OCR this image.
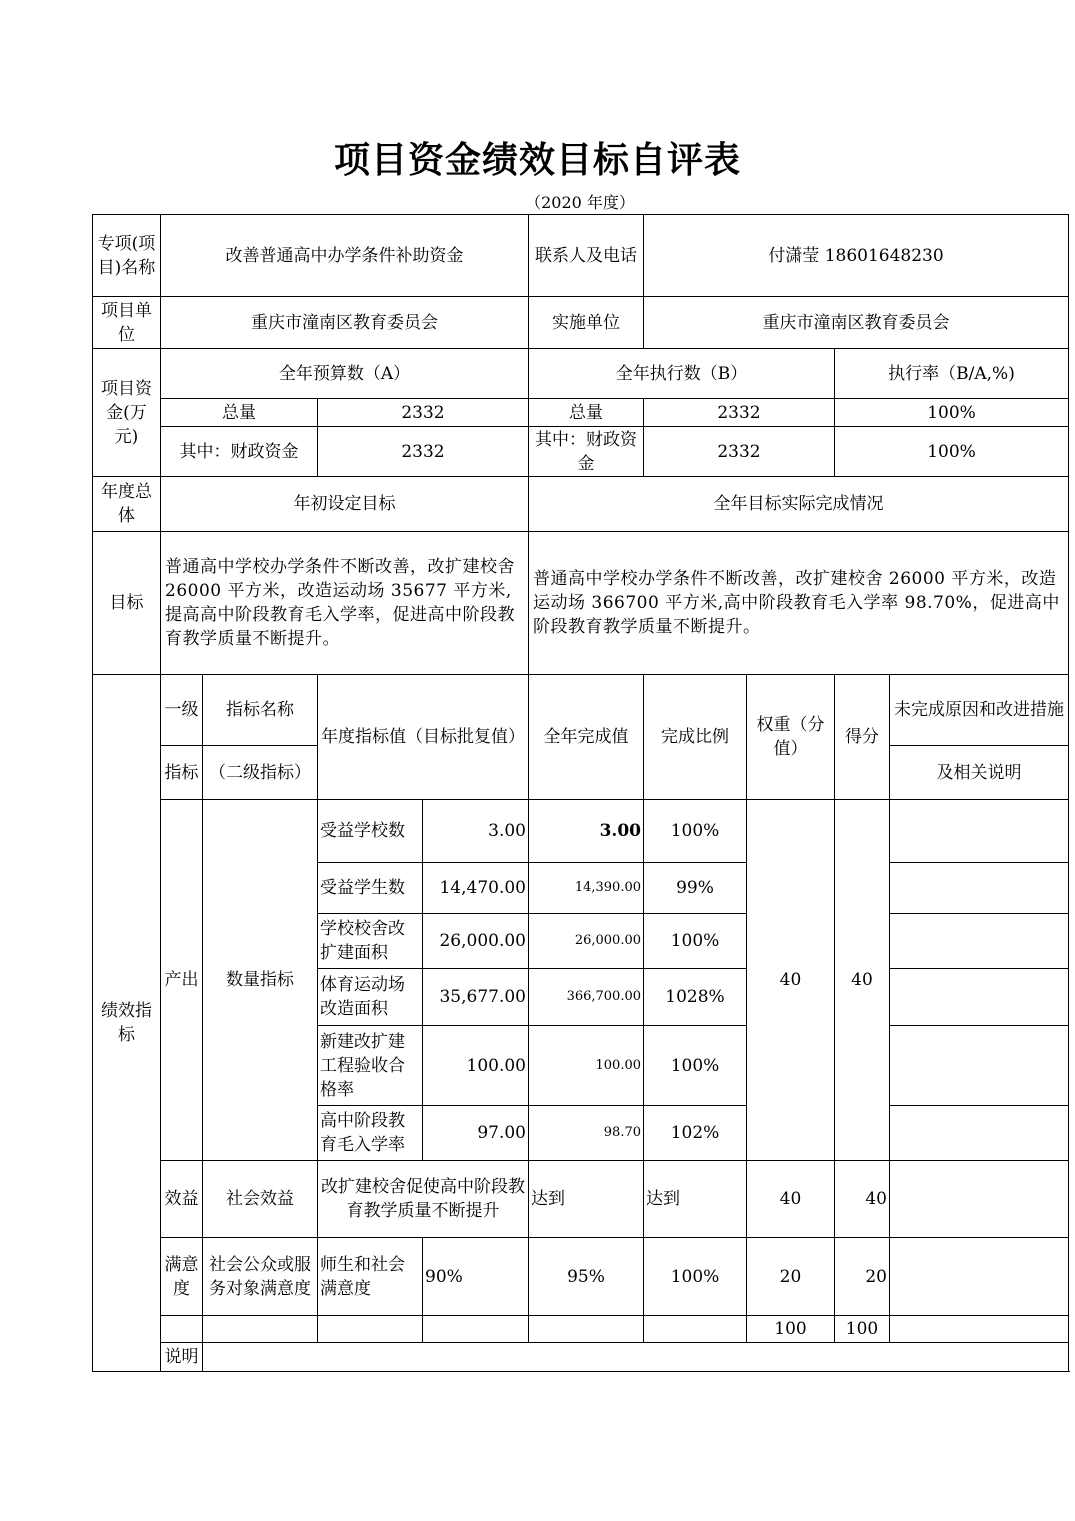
项目资金绩效目标自评表
（2020 年度）
专项(项目)名称	改善普通高中办学条件补助资金				联系人及电话	付潇莹 18601648230			
项目单位	重庆市潼南区教育委员会				实施单位	重庆市潼南区教育委员会			
项目资金(万元)	全年预算数（A）				全年执行数（B）			执行率（B/A,%)	
	总量		2332		总量	2332		100%	
	其中：财政资金		2332		其中：财政资金	2332		100%	
年度总体	年初设定目标				全年目标实际完成情况				
目标	普通高中学校办学条件不断改善，改扩建校舍 26000 平方米，改造运动场 35677 平方米,提高高中阶段教育毛入学率，促进高中阶段教育教学质量不断提升。				普通高中学校办学条件不断改善，改扩建校舍 26000 平方米，改造运动场 366700 平方米,高中阶段教育毛入学率 98.70%，促进高中阶段教育教学质量不断提升。				
绩效指标	一级	指标名称	年度指标值（目标批复值）		全年完成值	完成比例	权重（分值）	得分	未完成原因和改进措施
	指标	（二级指标）							及相关说明
	产出	数量指标	受益学校数	3.00	3.00	100%	40	40	
			受益学生数	14,470.00	14,390.00	99%			
			学校校舍改扩建面积	26,000.00	26,000.00	100%			
			体育运动场改造面积	35,677.00	366,700.00	1028%			
			新建改扩建工程验收合格率	100.00	100.00	100%			
			高中阶段教育毛入学率	97.00	98.70	102%			
	效益	社会效益	改扩建校舍促使高中阶段教育教学质量不断提升		达到	达到	40	40	
	满意度	社会公众或服务对象满意度	师生和社会满意度	90%	95%	100%	20	20	
							100	100	
	说明								
